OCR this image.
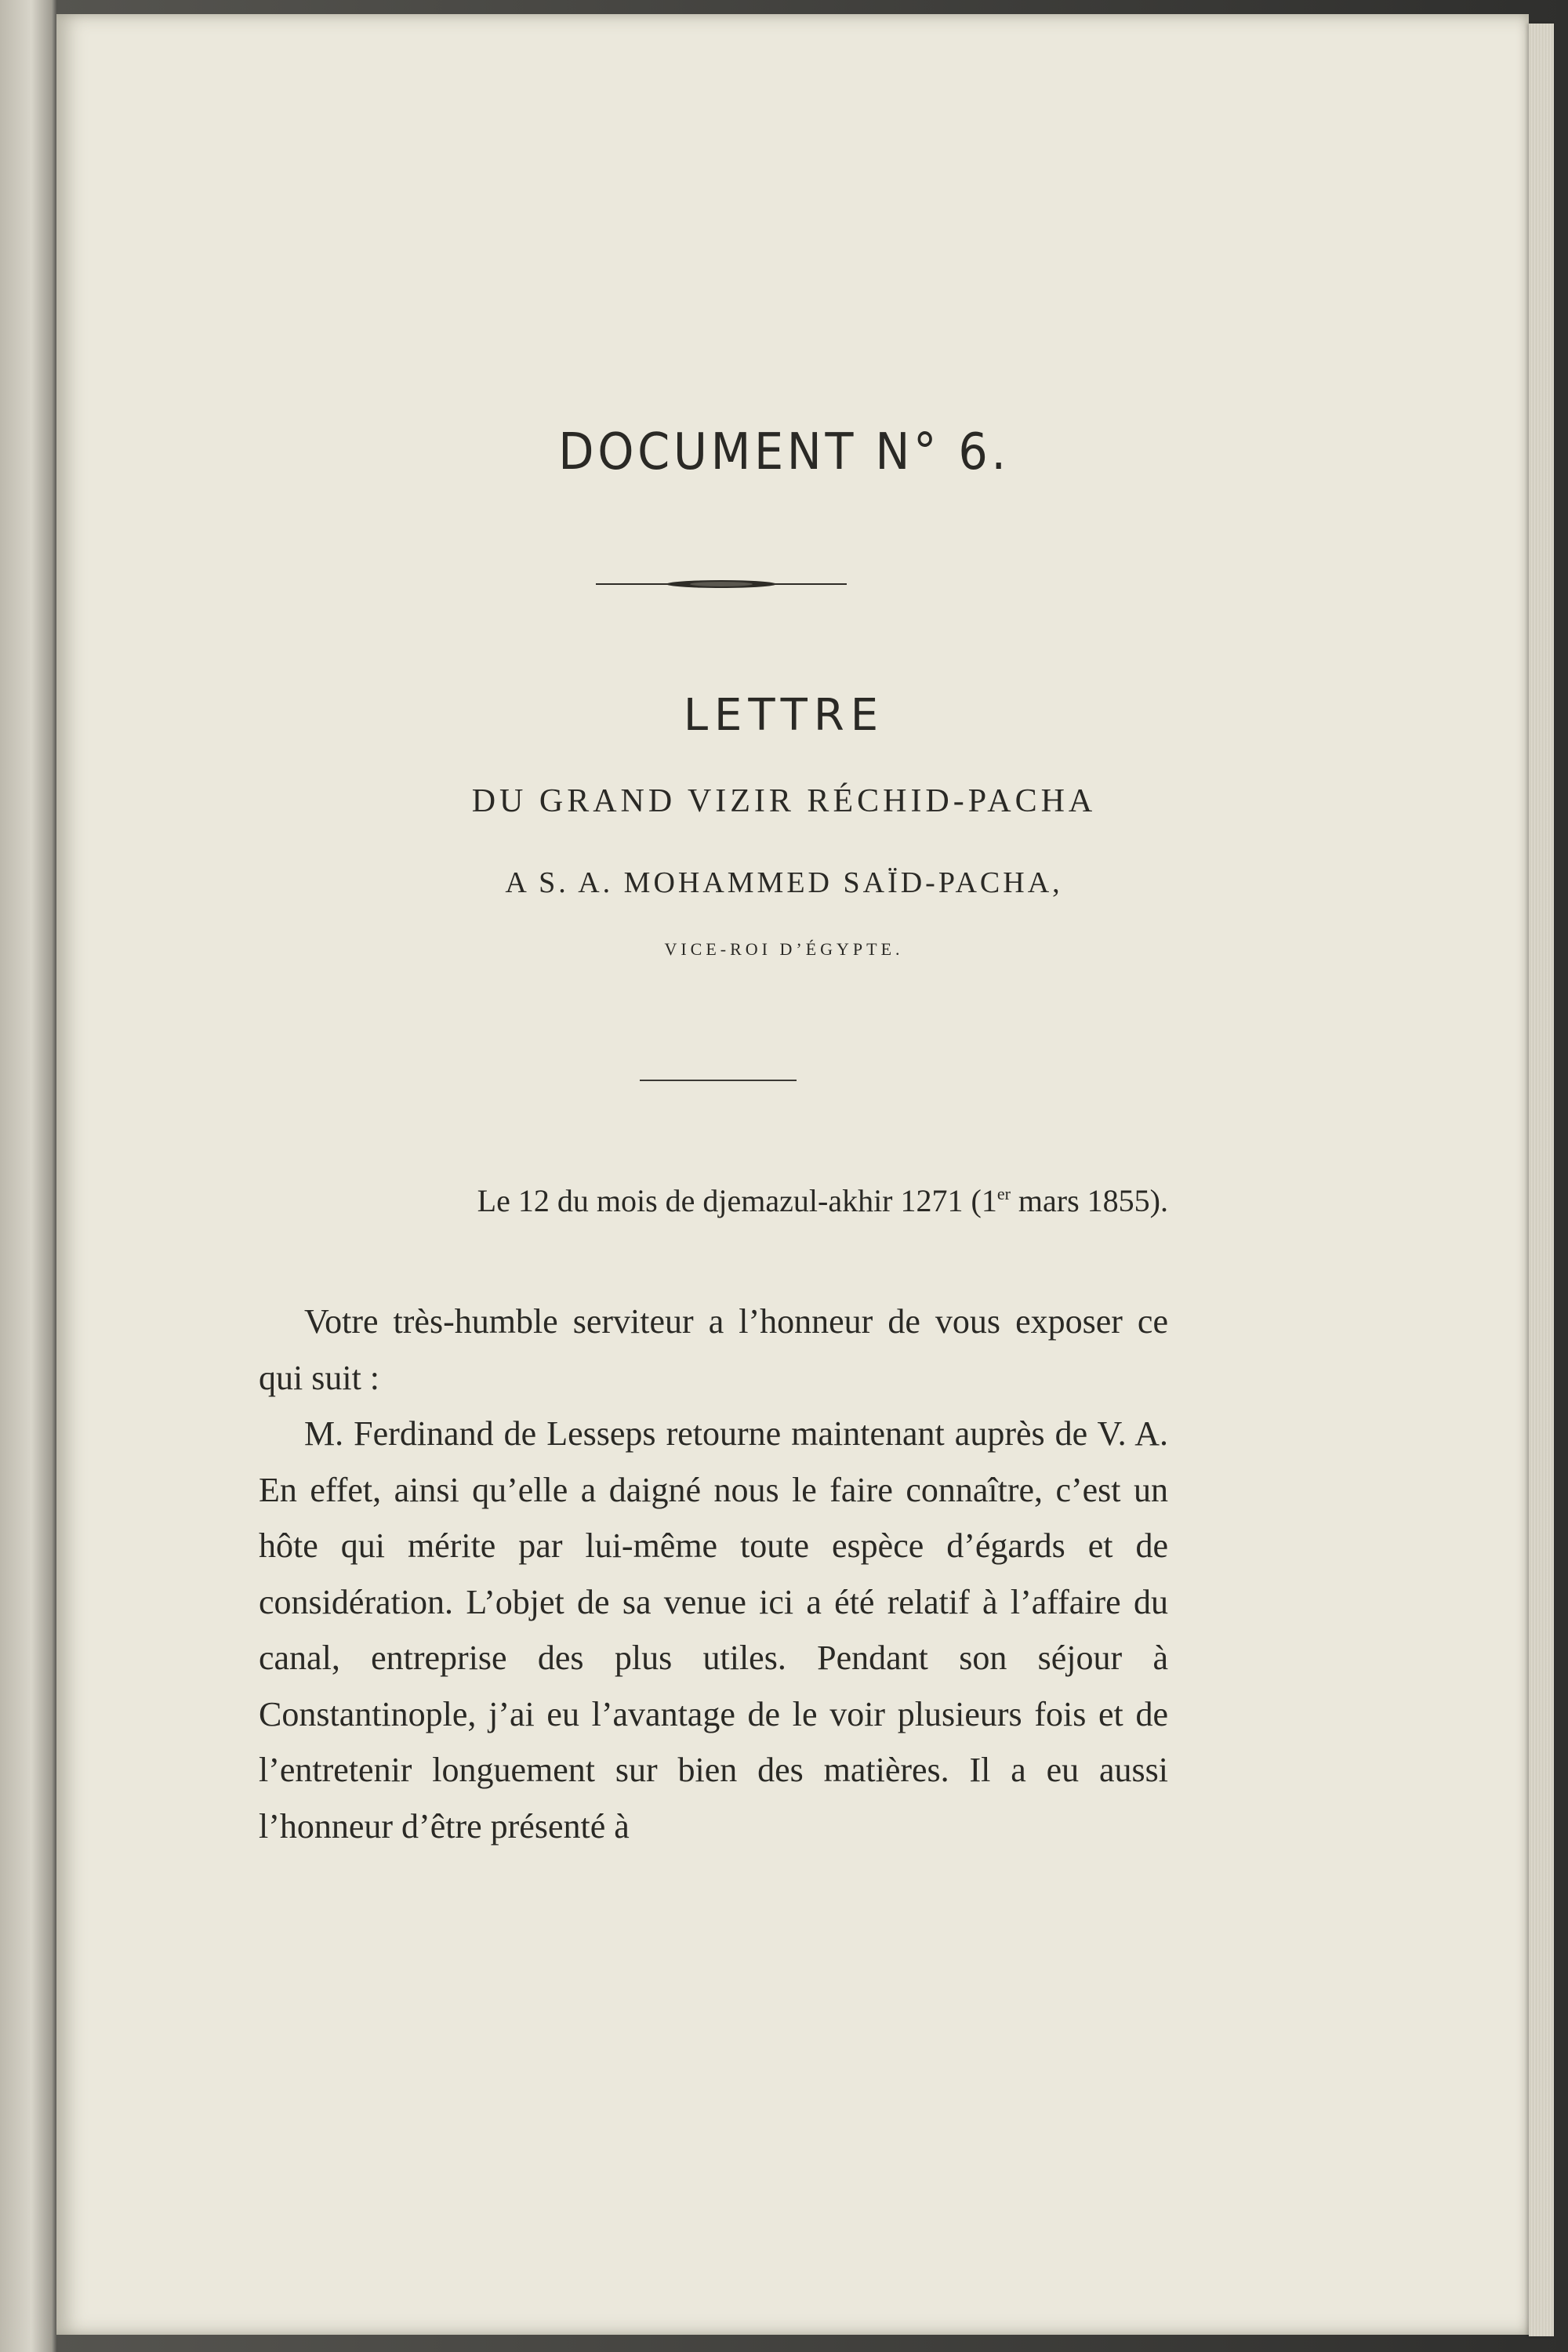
DOCUMENT N° 6.
LETTRE
DU GRAND VIZIR RÉCHID-PACHA
A S. A. MOHAMMED SAÏD-PACHA,
VICE-ROI D’ÉGYPTE.
Le 12 du mois de djemazul-akhir 1271 (1er mars 1855).

Votre très-humble serviteur a l’honneur de vous exposer ce qui suit :

M. Ferdinand de Lesseps retourne maintenant auprès de V. A. En effet, ainsi qu’elle a daigné nous le faire connaître, c’est un hôte qui mérite par lui-même toute espèce d’égards et de considération. L’objet de sa venue ici a été relatif à l’affaire du canal, entreprise des plus utiles. Pendant son séjour à Constantinople, j’ai eu l’avantage de le voir plusieurs fois et de l’entretenir longuement sur bien des matières. Il a eu aussi l’honneur d’être présenté à
